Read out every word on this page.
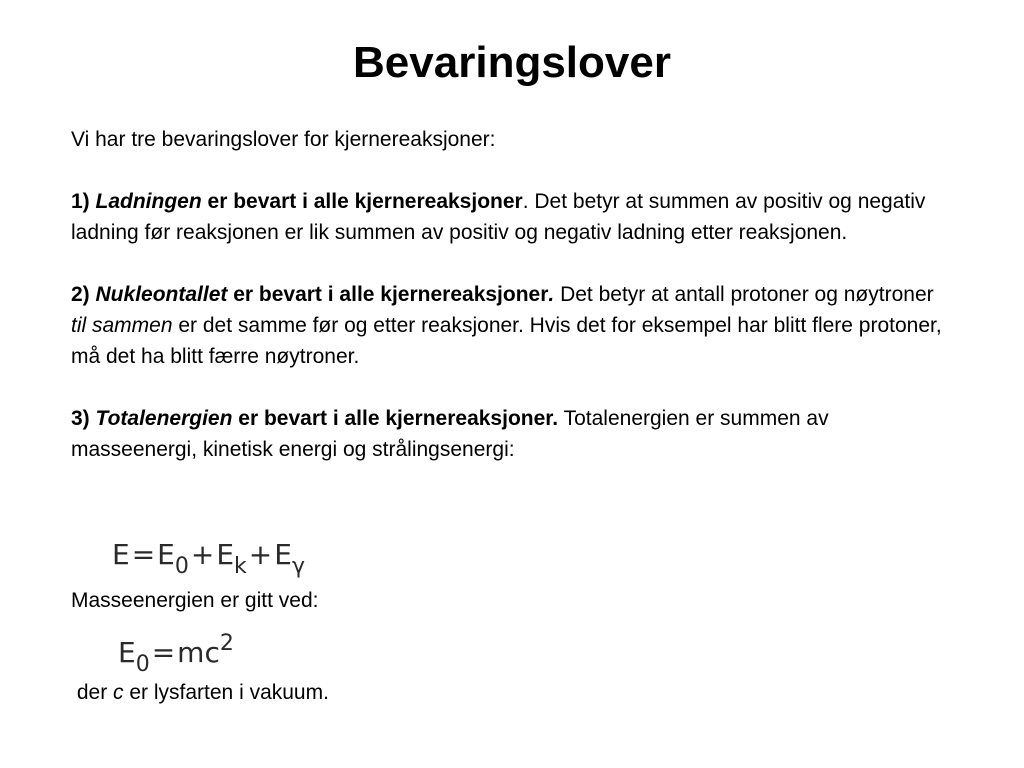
Bevaringslover

Vi har tre bevaringslover for kjernereaksjoner:

1) Ladningen er bevart i alle kjernereaksjoner. Det betyr at summen av positiv og negativ ladning før reaksjonen er lik summen av positiv og negativ ladning etter reaksjonen.

2) Nukleontallet er bevart i alle kjernereaksjoner. Det betyr at antall protoner og nøytroner til sammen er det samme før og etter reaksjoner. Hvis det for eksempel har blitt flere protoner, må det ha blitt færre nøytroner.

3) Totalenergien er bevart i alle kjernereaksjoner. Totalenergien er summen av masseenergi, kinetisk energi og strålingsenergi:

$E=E_0+E_k+E_\gamma$

Masseenergien er gitt ved:

$E_0=mc^2$

der c er lysfarten i vakuum.
